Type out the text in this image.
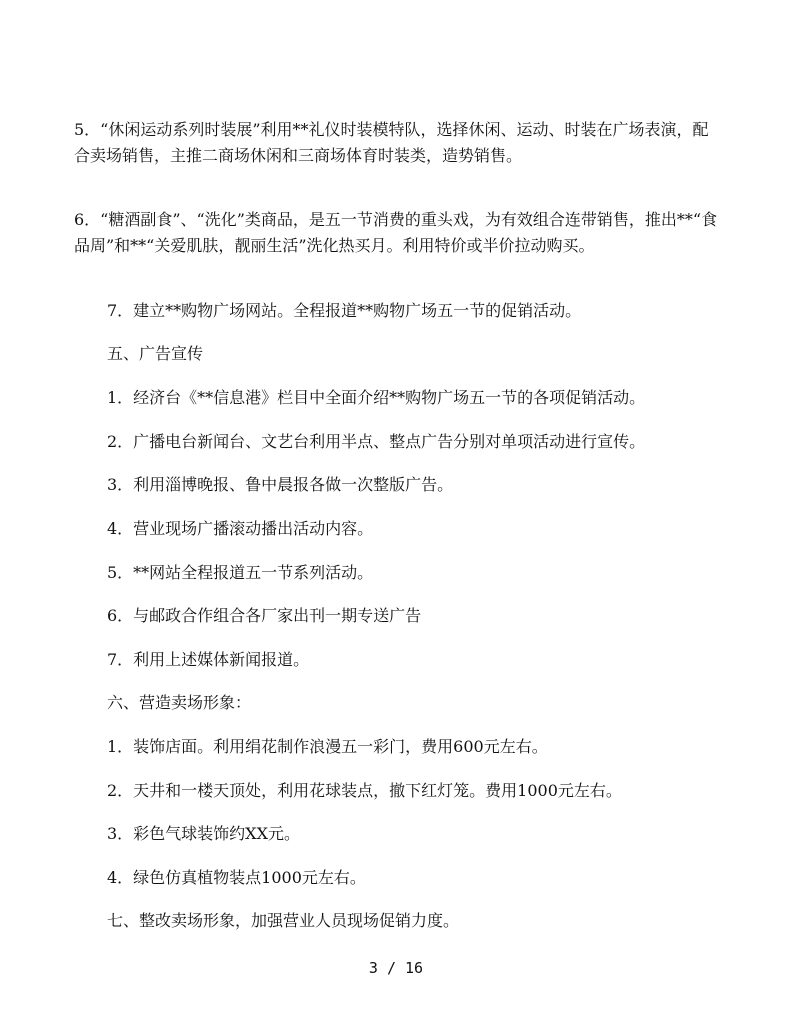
5．“休闲运动系列时装展”利用**礼仪时装模特队，选择休闲、运动、时装在广场表演，配合卖场销售，主推二商场休闲和三商场体育时装类，造势销售。

6．“糖酒副食”、“洗化”类商品，是五一节消费的重头戏，为有效组合连带销售，推出**“食品周”和**“关爱肌肤，靓丽生活”洗化热买月。利用特价或半价拉动购买。

7．建立**购物广场网站。全程报道**购物广场五一节的促销活动。

五、广告宣传

1．经济台《**信息港》栏目中全面介绍**购物广场五一节的各项促销活动。

2．广播电台新闻台、文艺台利用半点、整点广告分别对单项活动进行宣传。

3．利用淄博晚报、鲁中晨报各做一次整版广告。

4．营业现场广播滚动播出活动内容。

5．**网站全程报道五一节系列活动。

6．与邮政合作组合各厂家出刊一期专送广告

7．利用上述媒体新闻报道。

六、营造卖场形象：

1．装饰店面。利用绢花制作浪漫五一彩门，费用600元左右。

2．天井和一楼天顶处，利用花球装点，撤下红灯笼。费用1000元左右。

3．彩色气球装饰约XX元。

4．绿色仿真植物装点1000元左右。

七、整改卖场形象，加强营业人员现场促销力度。

3 / 16
